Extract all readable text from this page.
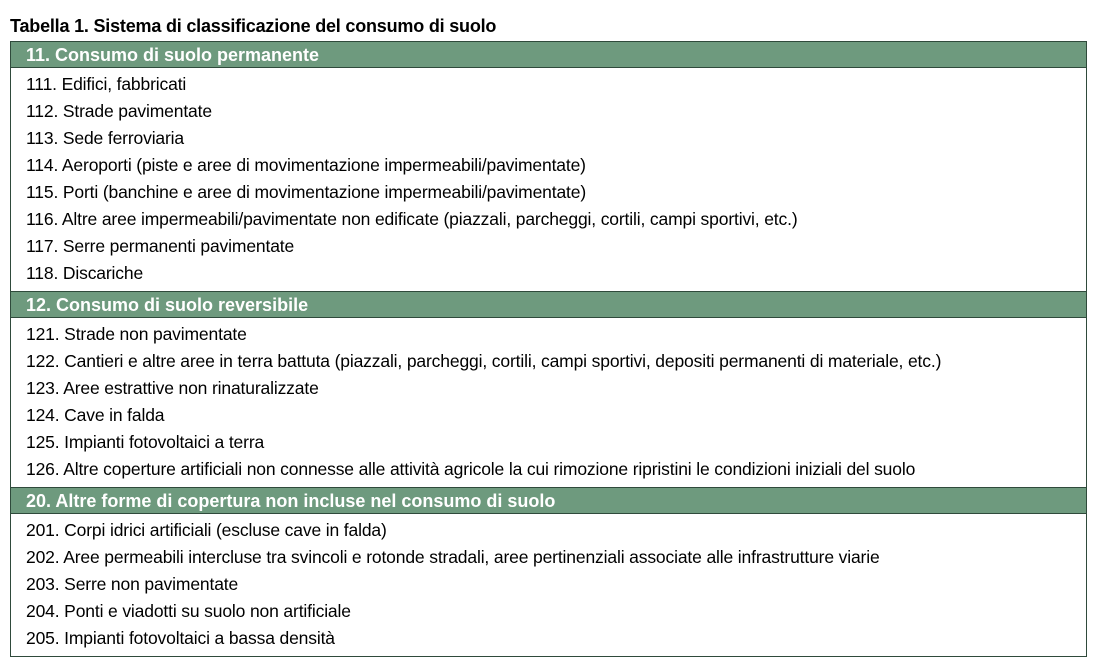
Tabella 1. Sistema di classificazione del consumo di suolo
11. Consumo di suolo permanente
111. Edifici, fabbricati
112. Strade pavimentate
113. Sede ferroviaria
114. Aeroporti (piste e aree di movimentazione impermeabili/pavimentate)
115. Porti (banchine e aree di movimentazione impermeabili/pavimentate)
116. Altre aree impermeabili/pavimentate non edificate (piazzali, parcheggi, cortili, campi sportivi, etc.)
117. Serre permanenti pavimentate
118. Discariche
12. Consumo di suolo reversibile
121. Strade non pavimentate
122. Cantieri e altre aree in terra battuta (piazzali, parcheggi, cortili, campi sportivi, depositi permanenti di materiale, etc.)
123. Aree estrattive non rinaturalizzate
124. Cave in falda
125. Impianti fotovoltaici a terra
126. Altre coperture artificiali non connesse alle attività agricole la cui rimozione ripristini le condizioni iniziali del suolo
20. Altre forme di copertura non incluse nel consumo di suolo
201. Corpi idrici artificiali (escluse cave in falda)
202. Aree permeabili intercluse tra svincoli e rotonde stradali, aree pertinenziali associate alle infrastrutture viarie
203. Serre non pavimentate
204. Ponti e viadotti su suolo non artificiale
205. Impianti fotovoltaici a bassa densità
